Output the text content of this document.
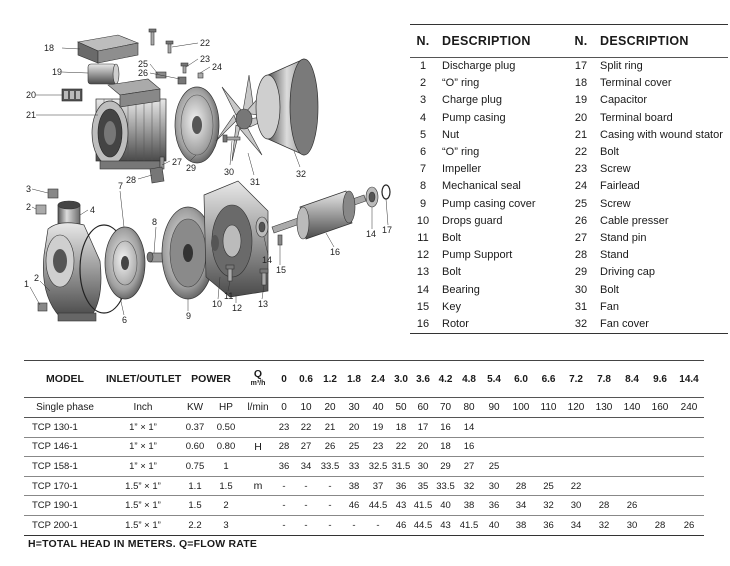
18
19
20
21
22
23
24
25
26
27
28
29	30
31
32
3
2	4
7
8
2
1
6	9
10
11
12 13
14
15
16
14 17
N.	DESCRIPTION	N.	DESCRIPTION
1	Discharge plug	17	Split ring
2	“O” ring	18	Terminal cover
3	Charge plug	19	Capacitor
4	Pump casing	20	Terminal board
5	Nut	21	Casing with wound stator
6	“O” ring	22	Bolt
7	Impeller	23	Screw
8	Mechanical seal	24	Fairlead
9	Pump casing cover	25	Screw
10	Drops guard	26	Cable presser
11	Bolt	27	Stand pin
12	Pump Support	28	Stand
13	Bolt	29	Driving cap
14	Bearing	30	Bolt
15	Key	31	Fan
16	Rotor	32	Fan cover
MODEL	INLET/OUTLET	POWER		Q
m³/h	0	0.6	1.2	1.8	2.4	3.0	3.6	4.2	4.8	5.4	6.0	6.6	7.2	7.8	8.4	9.6	14.4
Single phase	Inch	KW	HP	l/min	0	10	20	30	40	50	60	70	80	90	100	110	120	130	140	160	240
TCP 130-1	1” × 1”	0.37	0.50		23	22	21	20	19	18	17	16	14								
TCP 146-1	1” × 1”	0.60	0.80	H	28	27	26	25	23	22	20	18	16								
TCP 158-1	1” × 1”	0.75	1		36	34	33.5	33	32.5	31.5	30	29	27	25							
TCP 170-1	1.5” × 1”	1.1	1.5	m	-	-	-	38	37	36	35	33.5	32	30	28	25	22				
TCP 190-1	1.5” × 1”	1.5	2		-	-	-	46	44.5	43	41.5	40	38	36	34	32	30	28	26		
TCP 200-1	1.5” × 1”	2.2	3		-	-	-	-	-	46	44.5	43	41.5	40	38	36	34	32	30	28	26
H=TOTAL HEAD IN METERS. Q=FLOW RATE
